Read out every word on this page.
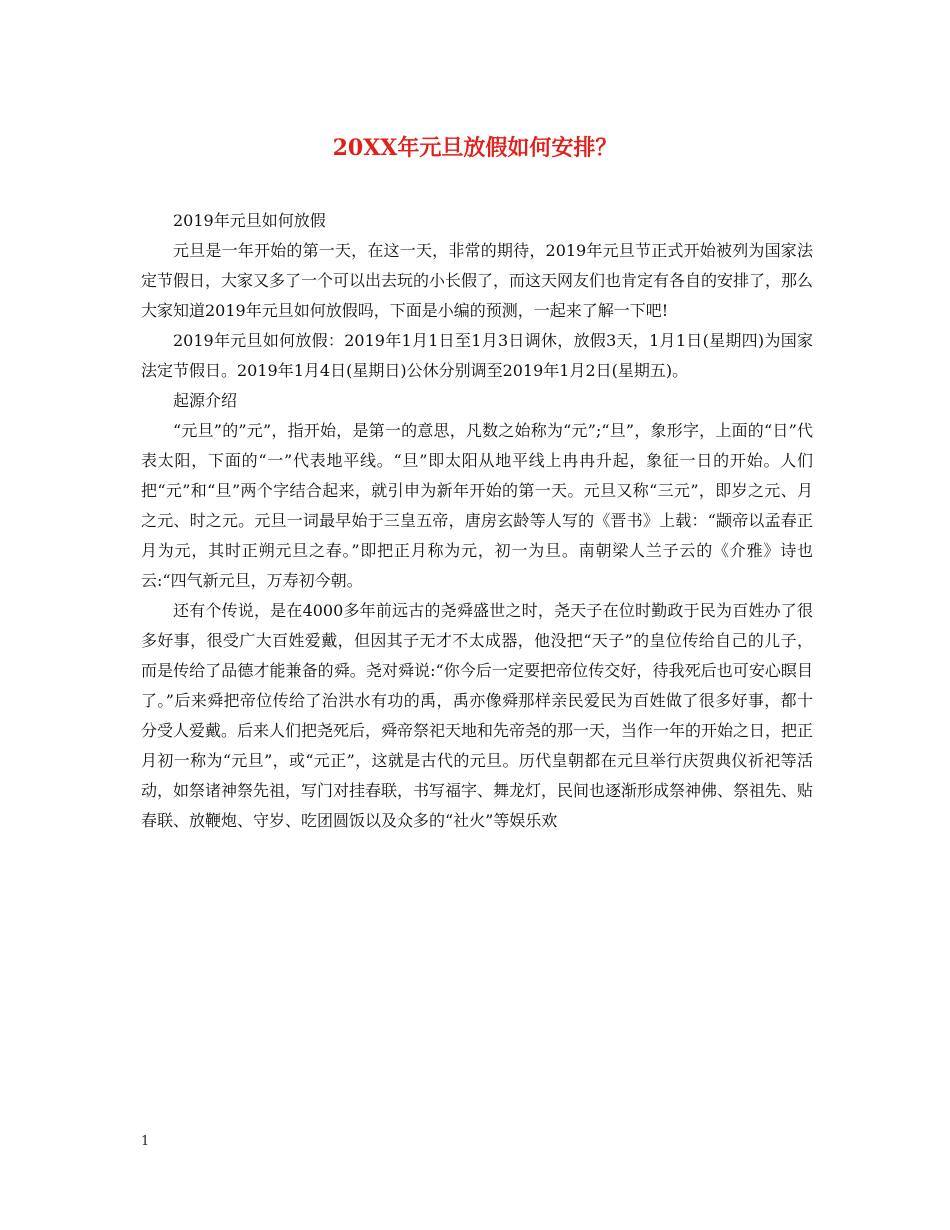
20XX年元旦放假如何安排？

2019年元旦如何放假

元旦是一年开始的第一天，在这一天，非常的期待，2019年元旦节正式开始被列为国家法定节假日，大家又多了一个可以出去玩的小长假了，而这天网友们也肯定有各自的安排了，那么大家知道2019年元旦如何放假吗，下面是小编的预测，一起来了解一下吧!

2019年元旦如何放假：2019年1月1日至1月3日调休，放假3天，1月1日(星期四)为国家法定节假日。2019年1月4日(星期日)公休分别调至2019年1月2日(星期五)。

起源介绍

“元旦”的”元”，指开始，是第一的意思，凡数之始称为“元”;“旦”，象形字，上面的“日”代表太阳，下面的“一”代表地平线。“旦”即太阳从地平线上冉冉升起，象征一日的开始。人们把“元”和“旦”两个字结合起来，就引申为新年开始的第一天。元旦又称“三元”，即岁之元、月之元、时之元。元旦一词最早始于三皇五帝，唐房玄龄等人写的《晋书》上载：“颛帝以孟春正月为元，其时正朔元旦之春。”即把正月称为元，初一为旦。南朝梁人兰子云的《介雅》诗也云:“四气新元旦，万寿初今朝。

还有个传说，是在4000多年前远古的尧舜盛世之时，尧天子在位时勤政于民为百姓办了很多好事，很受广大百姓爱戴，但因其子无才不太成器，他没把“天子”的皇位传给自己的儿子，而是传给了品德才能兼备的舜。尧对舜说:“你今后一定要把帝位传交好，待我死后也可安心瞑目了。”后来舜把帝位传给了治洪水有功的禹，禹亦像舜那样亲民爱民为百姓做了很多好事，都十分受人爱戴。后来人们把尧死后，舜帝祭祀天地和先帝尧的那一天，当作一年的开始之日，把正月初一称为“元旦”，或“元正”，这就是古代的元旦。历代皇朝都在元旦举行庆贺典仪祈祀等活动，如祭诸神祭先祖，写门对挂春联，书写福字、舞龙灯，民间也逐渐形成祭神佛、祭祖先、贴春联、放鞭炮、守岁、吃团圆饭以及众多的“社火”等娱乐欢

1
